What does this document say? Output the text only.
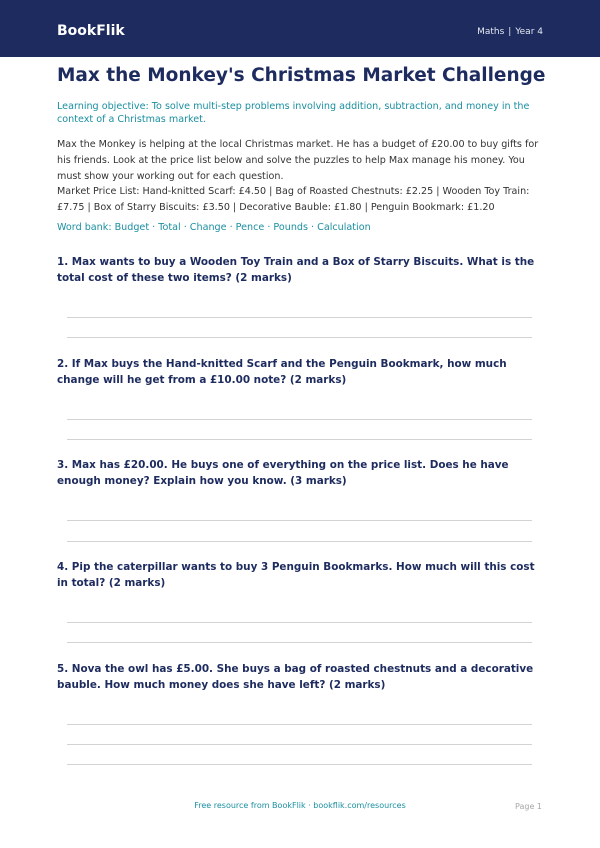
BookFlik	Maths | Year 4
Max the Monkey's Christmas Market Challenge
Learning objective: To solve multi-step problems involving addition, subtraction, and money in the context of a Christmas market.
Max the Monkey is helping at the local Christmas market. He has a budget of £20.00 to buy gifts for his friends. Look at the price list below and solve the puzzles to help Max manage his money. You must show your working out for each question.
Market Price List: Hand-knitted Scarf: £4.50 | Bag of Roasted Chestnuts: £2.25 | Wooden Toy Train: £7.75 | Box of Starry Biscuits: £3.50 | Decorative Bauble: £1.80 | Penguin Bookmark: £1.20
Word bank: Budget · Total · Change · Pence · Pounds · Calculation
1. Max wants to buy a Wooden Toy Train and a Box of Starry Biscuits. What is the total cost of these two items? (2 marks)
2. If Max buys the Hand-knitted Scarf and the Penguin Bookmark, how much change will he get from a £10.00 note? (2 marks)
3. Max has £20.00. He buys one of everything on the price list. Does he have enough money? Explain how you know. (3 marks)
4. Pip the caterpillar wants to buy 3 Penguin Bookmarks. How much will this cost in total? (2 marks)
5. Nova the owl has £5.00. She buys a bag of roasted chestnuts and a decorative bauble. How much money does she have left? (2 marks)
Free resource from BookFlik · bookflik.com/resources	Page 1
